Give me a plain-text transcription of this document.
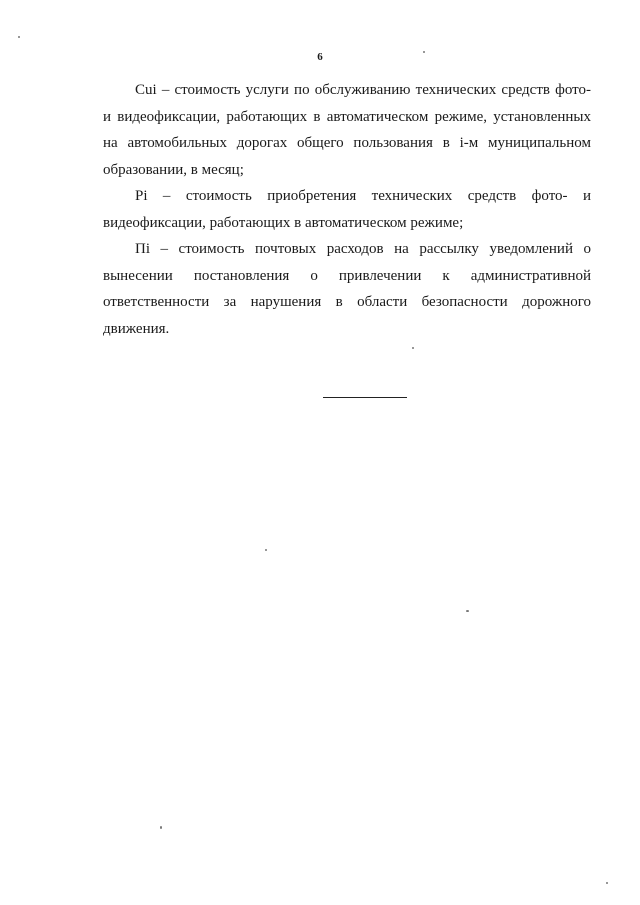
6

Cui – стоимость услуги по обслуживанию технических средств фото- и видеофиксации, работающих в автоматическом режиме, установленных на автомобильных дорогах общего пользования в i-м муниципальном образовании, в месяц;

Pi – стоимость приобретения технических средств фото- и видеофиксации, работающих в автоматическом режиме;

Пi – стоимость почтовых расходов на рассылку уведомлений о вынесении постановления о привлечении к административной ответственности за нарушения в области безопасности дорожного движения.
